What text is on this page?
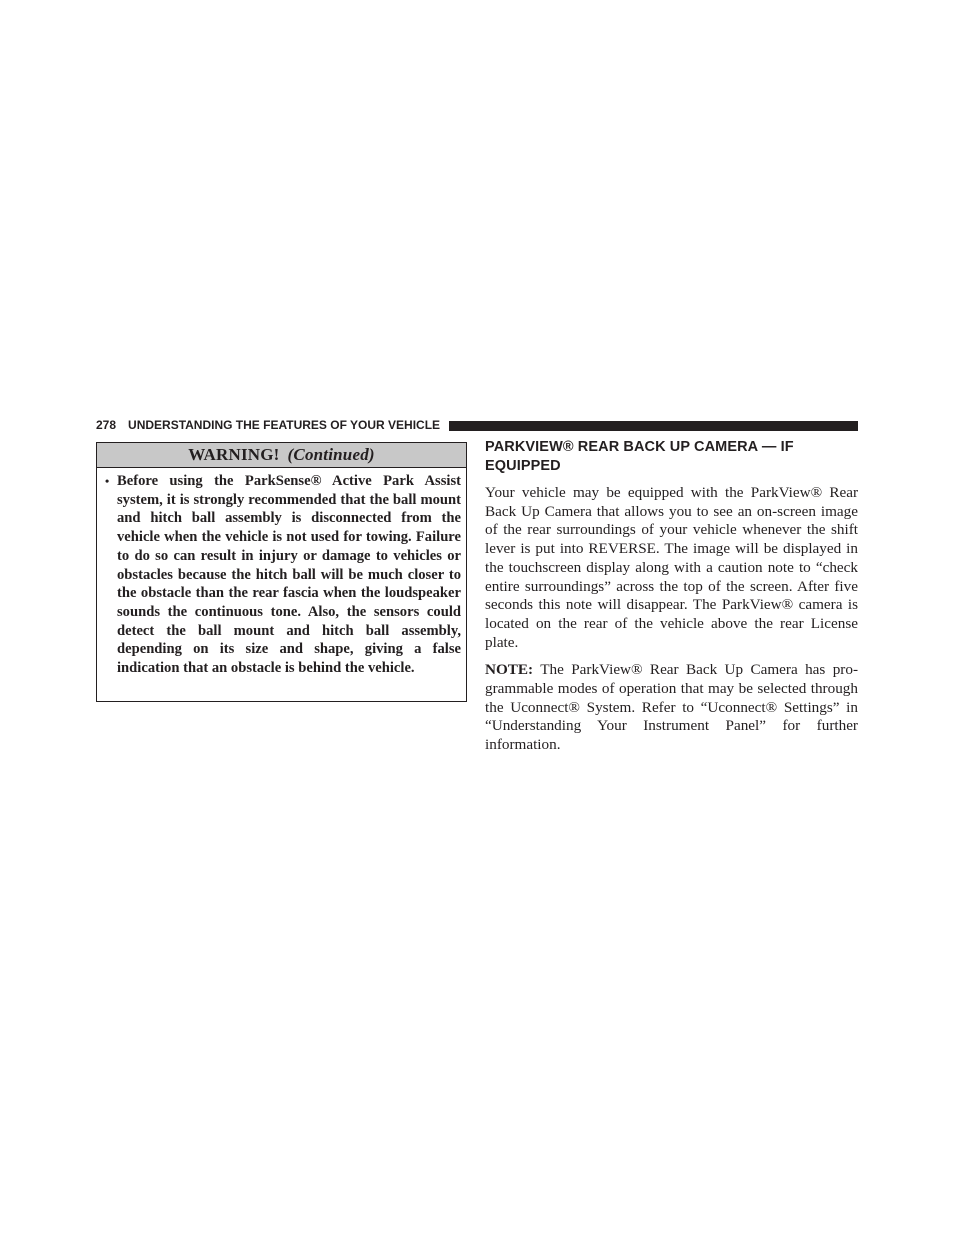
278 UNDERSTANDING THE FEATURES OF YOUR VEHICLE
WARNING! (Continued)
• Before using the ParkSense® Active Park Assist system, it is strongly recommended that the ball mount and hitch ball assembly is disconnected from the vehicle when the vehicle is not used for towing. Failure to do so can result in injury or damage to vehicles or obstacles because the hitch ball will be much closer to the obstacle than the rear fascia when the loudspeaker sounds the continuous tone. Also, the sensors could detect the ball mount and hitch ball assembly, depending on its size and shape, giving a false indication that an obstacle is behind the vehicle.
PARKVIEW® REAR BACK UP CAMERA — IF EQUIPPED

Your vehicle may be equipped with the ParkView® Rear Back Up Camera that allows you to see an on-screen image of the rear surroundings of your vehicle whenever the shift lever is put into REVERSE. The image will be displayed in the touchscreen display along with a caution note to “check entire surroundings” across the top of the screen. After five seconds this note will disappear. The ParkView® camera is located on the rear of the vehicle above the rear License plate.

NOTE: The ParkView® Rear Back Up Camera has programmable modes of operation that may be selected through the Uconnect® System. Refer to “Uconnect® Settings” in “Understanding Your Instrument Panel” for further information.
